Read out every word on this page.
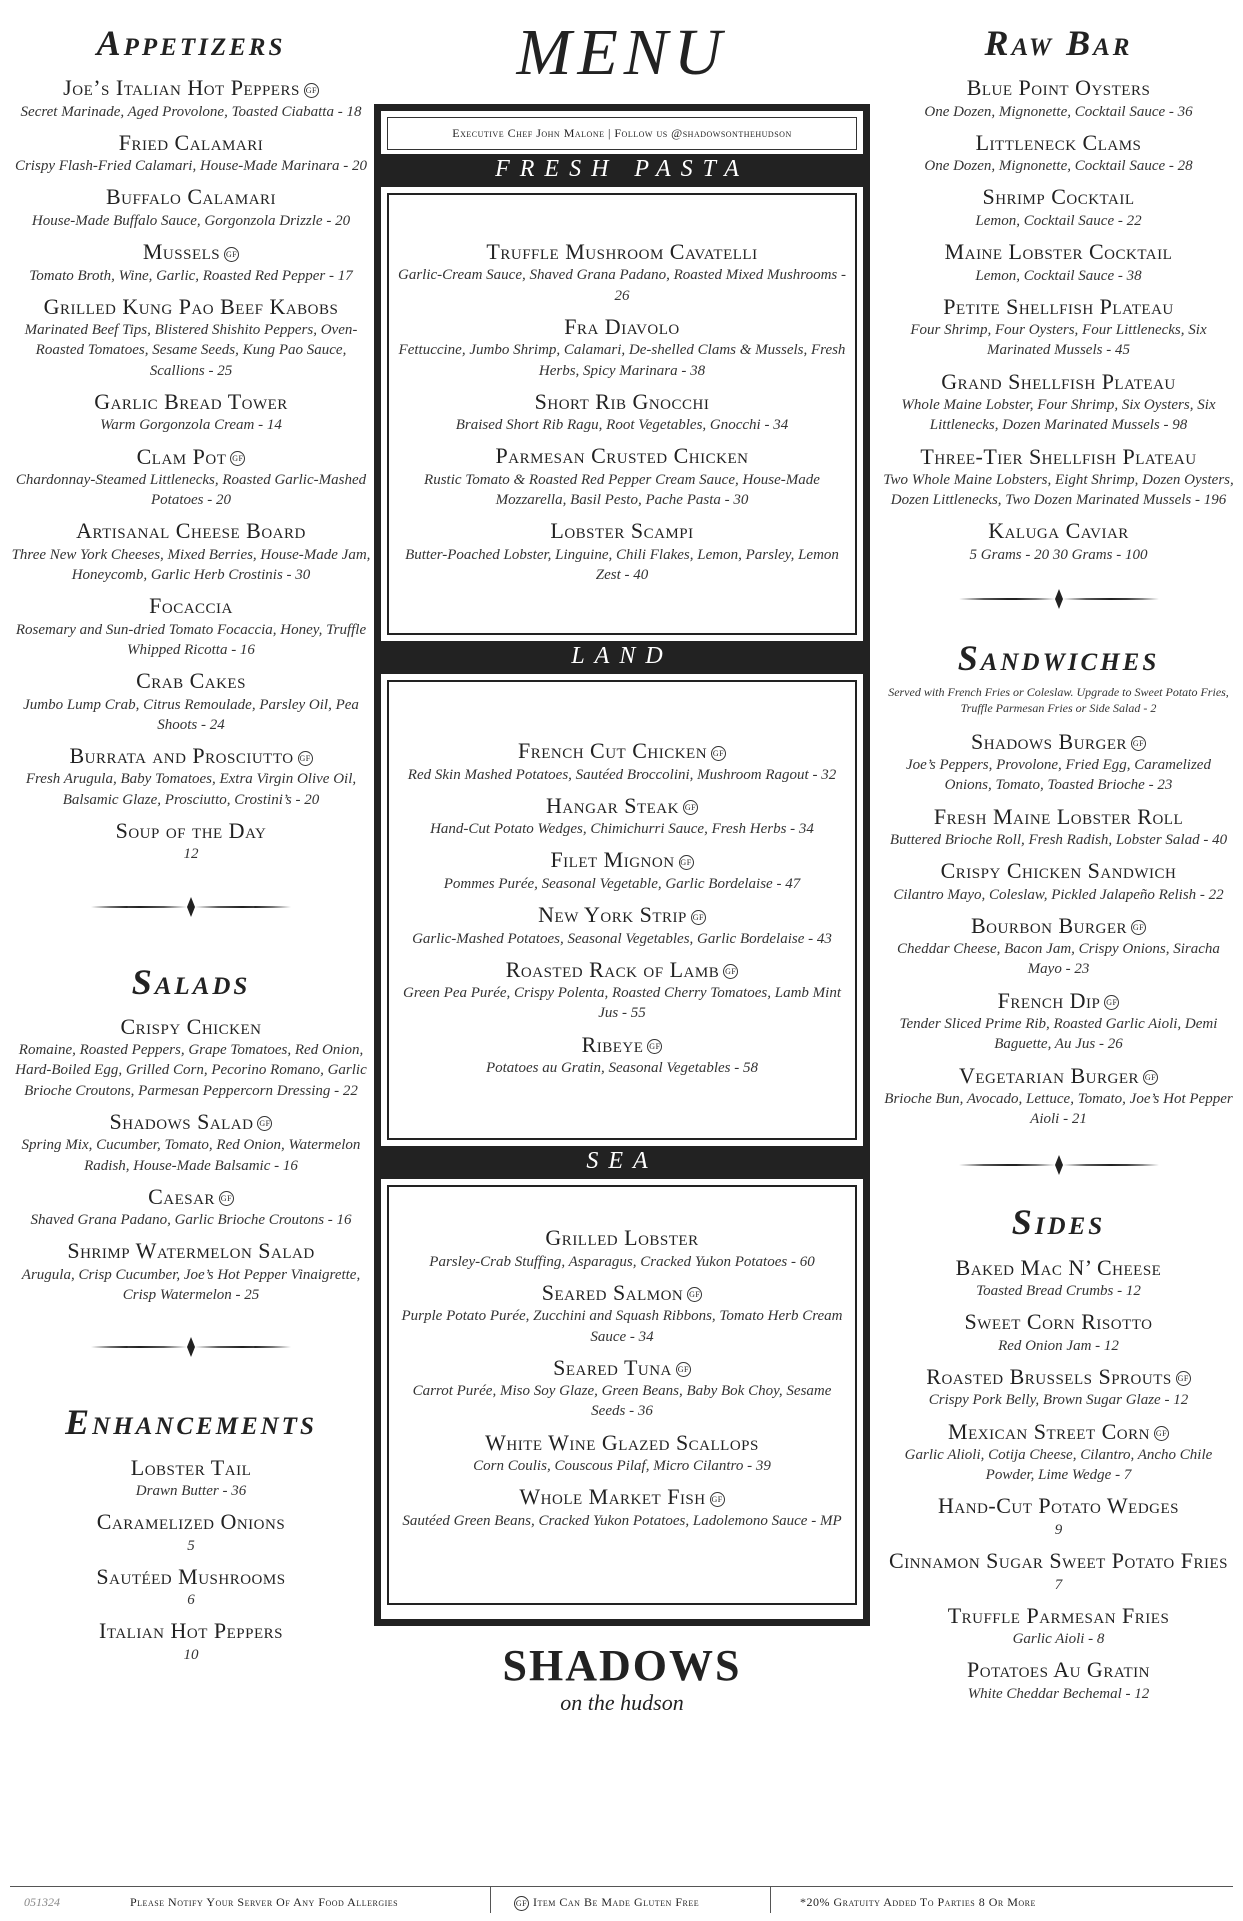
Appetizers
Joe’s Italian Hot Peppers GF
Secret Marinade, Aged Provolone, Toasted Ciabatta - 18
Fried Calamari
Crispy Flash-Fried Calamari, House-Made Marinara - 20
Buffalo Calamari
House-Made Buffalo Sauce, Gorgonzola Drizzle - 20
Mussels GF
Tomato Broth, Wine, Garlic, Roasted Red Pepper - 17
Grilled Kung Pao Beef Kabobs
Marinated Beef Tips, Blistered Shishito Peppers, Oven-Roasted Tomatoes, Sesame Seeds, Kung Pao Sauce, Scallions - 25
Garlic Bread Tower
Warm Gorgonzola Cream - 14
Clam Pot GF
Chardonnay-Steamed Littlenecks, Roasted Garlic-Mashed Potatoes - 20
Artisanal Cheese Board
Three New York Cheeses, Mixed Berries, House-Made Jam, Honeycomb, Garlic Herb Crostinis - 30
Focaccia
Rosemary and Sun-dried Tomato Focaccia, Honey, Truffle Whipped Ricotta - 16
Crab Cakes
Jumbo Lump Crab, Citrus Remoulade, Parsley Oil, Pea Shoots - 24
Burrata and Prosciutto GF
Fresh Arugula, Baby Tomatoes, Extra Virgin Olive Oil, Balsamic Glaze, Prosciutto, Crostini’s - 20
Soup of the Day
12
Salads
Crispy Chicken
Romaine, Roasted Peppers, Grape Tomatoes, Red Onion, Hard-Boiled Egg, Grilled Corn, Pecorino Romano, Garlic Brioche Croutons, Parmesan Peppercorn Dressing - 22
Shadows Salad GF
Spring Mix, Cucumber, Tomato, Red Onion, Watermelon Radish, House-Made Balsamic - 16
Caesar GF
Shaved Grana Padano, Garlic Brioche Croutons - 16
Shrimp Watermelon Salad
Arugula, Crisp Cucumber, Joe’s Hot Pepper Vinaigrette, Crisp Watermelon - 25
Enhancements
Lobster Tail
Drawn Butter - 36
Caramelized Onions
5
Sautéed Mushrooms
6
Italian Hot Peppers
10
MENU
Executive Chef John Malone | Follow us @shadowsonthehudson
FRESH PASTA
Truffle Mushroom Cavatelli
Garlic-Cream Sauce, Shaved Grana Padano, Roasted Mixed Mushrooms - 26
Fra Diavolo
Fettuccine, Jumbo Shrimp, Calamari, De-shelled Clams & Mussels, Fresh Herbs, Spicy Marinara - 38
Short Rib Gnocchi
Braised Short Rib Ragu, Root Vegetables, Gnocchi - 34
Parmesan Crusted Chicken
Rustic Tomato & Roasted Red Pepper Cream Sauce, House-Made Mozzarella, Basil Pesto, Pache Pasta - 30
Lobster Scampi
Butter-Poached Lobster, Linguine, Chili Flakes, Lemon, Parsley, Lemon Zest - 40
LAND
French Cut Chicken GF
Red Skin Mashed Potatoes, Sautéed Broccolini, Mushroom Ragout - 32
Hangar Steak GF
Hand-Cut Potato Wedges, Chimichurri Sauce, Fresh Herbs - 34
Filet Mignon GF
Pommes Purée, Seasonal Vegetable, Garlic Bordelaise - 47
New York Strip GF
Garlic-Mashed Potatoes, Seasonal Vegetables, Garlic Bordelaise - 43
Roasted Rack of Lamb GF
Green Pea Purée, Crispy Polenta, Roasted Cherry Tomatoes, Lamb Mint Jus - 55
Ribeye GF
Potatoes au Gratin, Seasonal Vegetables - 58
SEA
Grilled Lobster
Parsley-Crab Stuffing, Asparagus, Cracked Yukon Potatoes - 60
Seared Salmon GF
Purple Potato Purée, Zucchini and Squash Ribbons, Tomato Herb Cream Sauce - 34
Seared Tuna GF
Carrot Purée, Miso Soy Glaze, Green Beans, Baby Bok Choy, Sesame Seeds - 36
White Wine Glazed Scallops
Corn Coulis, Couscous Pilaf, Micro Cilantro - 39
Whole Market Fish GF
Sautéed Green Beans, Cracked Yukon Potatoes, Ladolemono Sauce - MP
SHADOWS
on the hudson
Raw Bar
Blue Point Oysters
One Dozen, Mignonette, Cocktail Sauce - 36
Littleneck Clams
One Dozen, Mignonette, Cocktail Sauce - 28
Shrimp Cocktail
Lemon, Cocktail Sauce - 22
Maine Lobster Cocktail
Lemon, Cocktail Sauce - 38
Petite Shellfish Plateau
Four Shrimp, Four Oysters, Four Littlenecks, Six Marinated Mussels - 45
Grand Shellfish Plateau
Whole Maine Lobster, Four Shrimp, Six Oysters, Six Littlenecks, Dozen Marinated Mussels - 98
Three-Tier Shellfish Plateau
Two Whole Maine Lobsters, Eight Shrimp, Dozen Oysters, Dozen Littlenecks, Two Dozen Marinated Mussels - 196
Kaluga Caviar
5 Grams - 20 30 Grams - 100
Sandwiches
Served with French Fries or Coleslaw. Upgrade to Sweet Potato Fries, Truffle Parmesan Fries or Side Salad - 2
Shadows Burger GF
Joe’s Peppers, Provolone, Fried Egg, Caramelized Onions, Tomato, Toasted Brioche - 23
Fresh Maine Lobster Roll
Buttered Brioche Roll, Fresh Radish, Lobster Salad - 40
Crispy Chicken Sandwich
Cilantro Mayo, Coleslaw, Pickled Jalapeño Relish - 22
Bourbon Burger GF
Cheddar Cheese, Bacon Jam, Crispy Onions, Siracha Mayo - 23
French Dip GF
Tender Sliced Prime Rib, Roasted Garlic Aioli, Demi Baguette, Au Jus - 26
Vegetarian Burger GF
Brioche Bun, Avocado, Lettuce, Tomato, Joe’s Hot Pepper Aioli - 21
Sides
Baked Mac N’ Cheese
Toasted Bread Crumbs - 12
Sweet Corn Risotto
Red Onion Jam - 12
Roasted Brussels Sprouts GF
Crispy Pork Belly, Brown Sugar Glaze - 12
Mexican Street Corn GF
Garlic Alioli, Cotija Cheese, Cilantro, Ancho Chile Powder, Lime Wedge - 7
Hand-Cut Potato Wedges
9
Cinnamon Sugar Sweet Potato Fries
7
Truffle Parmesan Fries
Garlic Aioli - 8
Potatoes Au Gratin
White Cheddar Bechemal - 12
051324	Please Notify Your Server Of Any Food Allergies	GF Item Can Be Made Gluten Free	*20% Gratuity Added To Parties 8 Or More
